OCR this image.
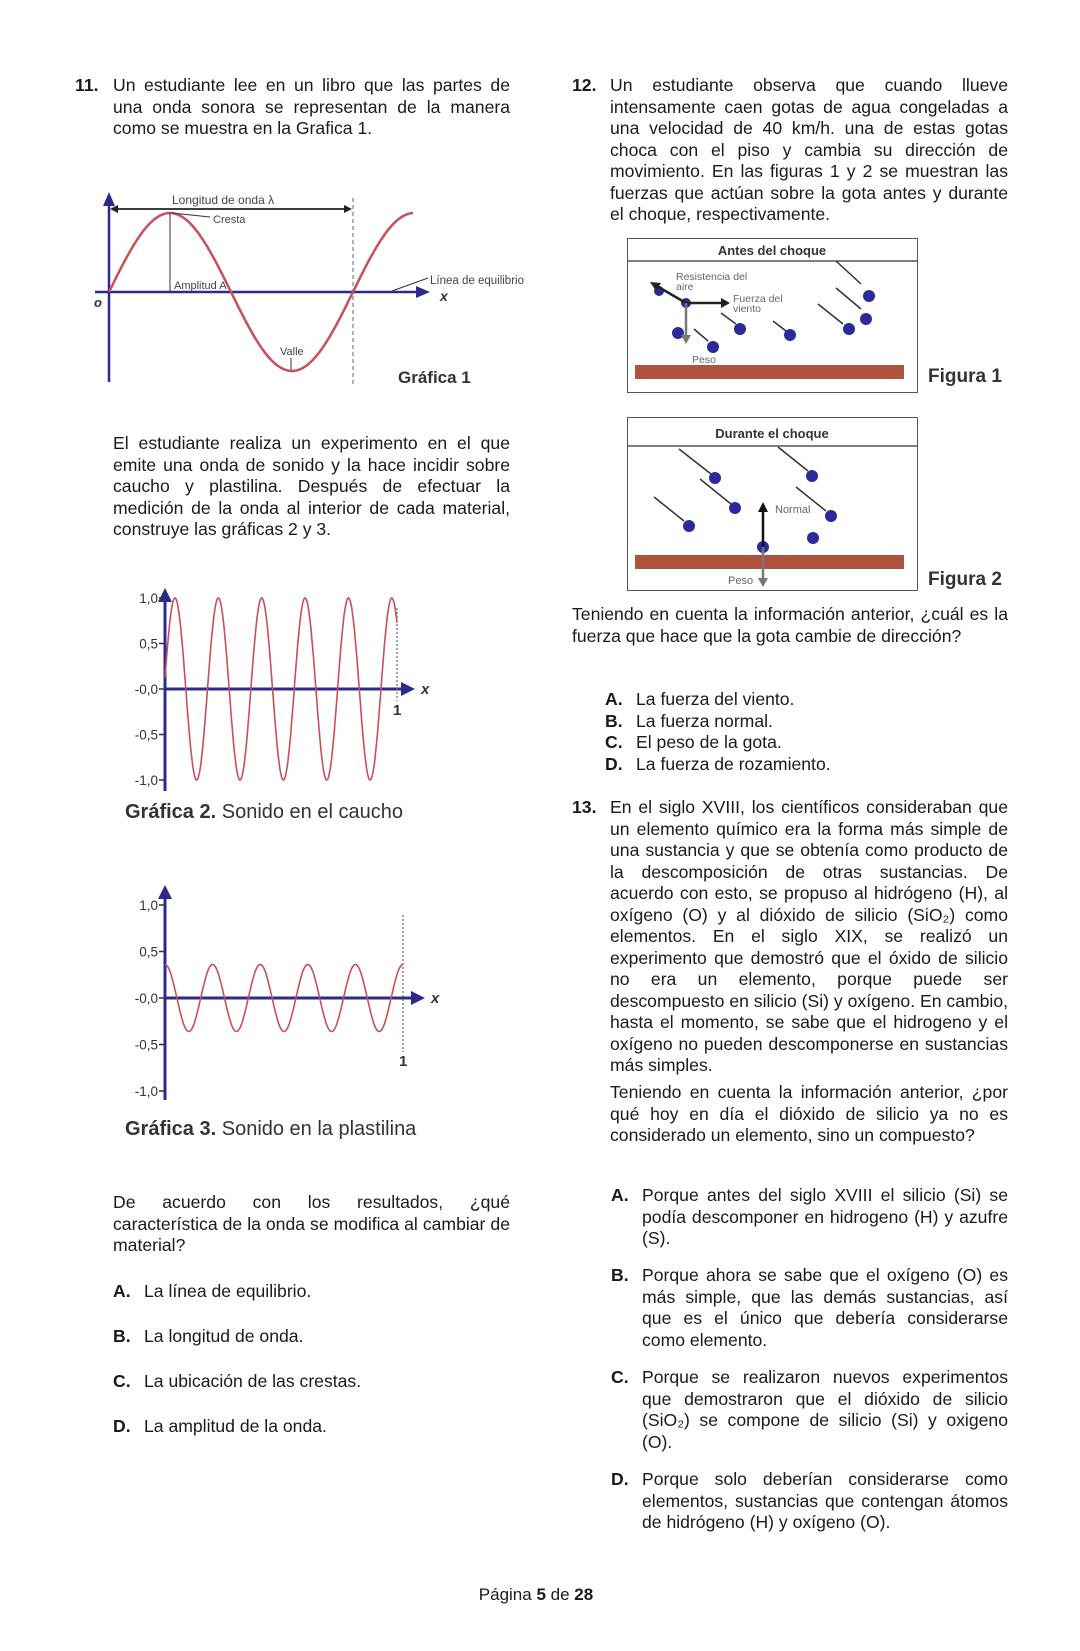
11. Un estudiante lee en un libro que las partes de una onda sonora se representan de la manera como se muestra en la Grafica 1.
Longitud de onda λ
Cresta
Amplitud A	Línea de equilibrio
x
o
Valle
Gráfica 1
El estudiante realiza un experimento en el que emite una onda de sonido y la hace incidir sobre caucho y plastilina. Después de efectuar la medición de la onda al interior de cada material, construye las gráficas 2 y 3.
x
1,0
0,5
-0,0
-0,5
-1,0
1
Gráfica 2. Sonido en el caucho
x
1,0
0,5
-0,0
-0,5
-1,0
1
Gráfica 3. Sonido en la plastilina
De acuerdo con los resultados, ¿qué característica de la onda se modifica al cambiar de material?
A. La línea de equilibrio.
B. La longitud de onda.
C. La ubicación de las crestas.
D. La amplitud de la onda.
12. Un estudiante observa que cuando llueve intensamente caen gotas de agua congeladas a una velocidad de 40 km/h. una de estas gotas choca con el piso y cambia su dirección de movimiento. En las figuras 1 y 2 se muestran las fuerzas que actúan sobre la gota antes y durante el choque, respectivamente.
Antes del choque
Resistencia del
aire
Fuerza del
viento
Peso
Figura 1
Durante el choque
Normal
Peso	Figura 2
Teniendo en cuenta la información anterior, ¿cuál es la fuerza que hace que la gota cambie de dirección?
A. La fuerza del viento.
B. La fuerza normal.
C. El peso de la gota.
D. La fuerza de rozamiento.
13. En el siglo XVIII, los científicos consideraban que un elemento químico era la forma más simple de una sustancia y que se obtenía como producto de la descomposición de otras sustancias. De acuerdo con esto, se propuso al hidrógeno (H), al oxígeno (O) y al dióxido de silicio (SiO₂) como elementos. En el siglo XIX, se realizó un experimento que demostró que el óxido de silicio no era un elemento, porque puede ser descompuesto en silicio (Si) y oxígeno. En cambio, hasta el momento, se sabe que el hidrogeno y el oxígeno no pueden descomponerse en sustancias más simples.
Teniendo en cuenta la información anterior, ¿por qué hoy en día el dióxido de silicio ya no es considerado un elemento, sino un compuesto?
A. Porque antes del siglo XVIII el silicio (Si) se podía descomponer en hidrogeno (H) y azufre (S).
B. Porque ahora se sabe que el oxígeno (O) es más simple, que las demás sustancias, así que es el único que debería considerarse como elemento.
C. Porque se realizaron nuevos experimentos que demostraron que el dióxido de silicio (SiO₂) se compone de silicio (Si) y oxigeno (O).
D. Porque solo deberían considerarse como elementos, sustancias que contengan átomos de hidrógeno (H) y oxígeno (O).
Página 5 de 28
